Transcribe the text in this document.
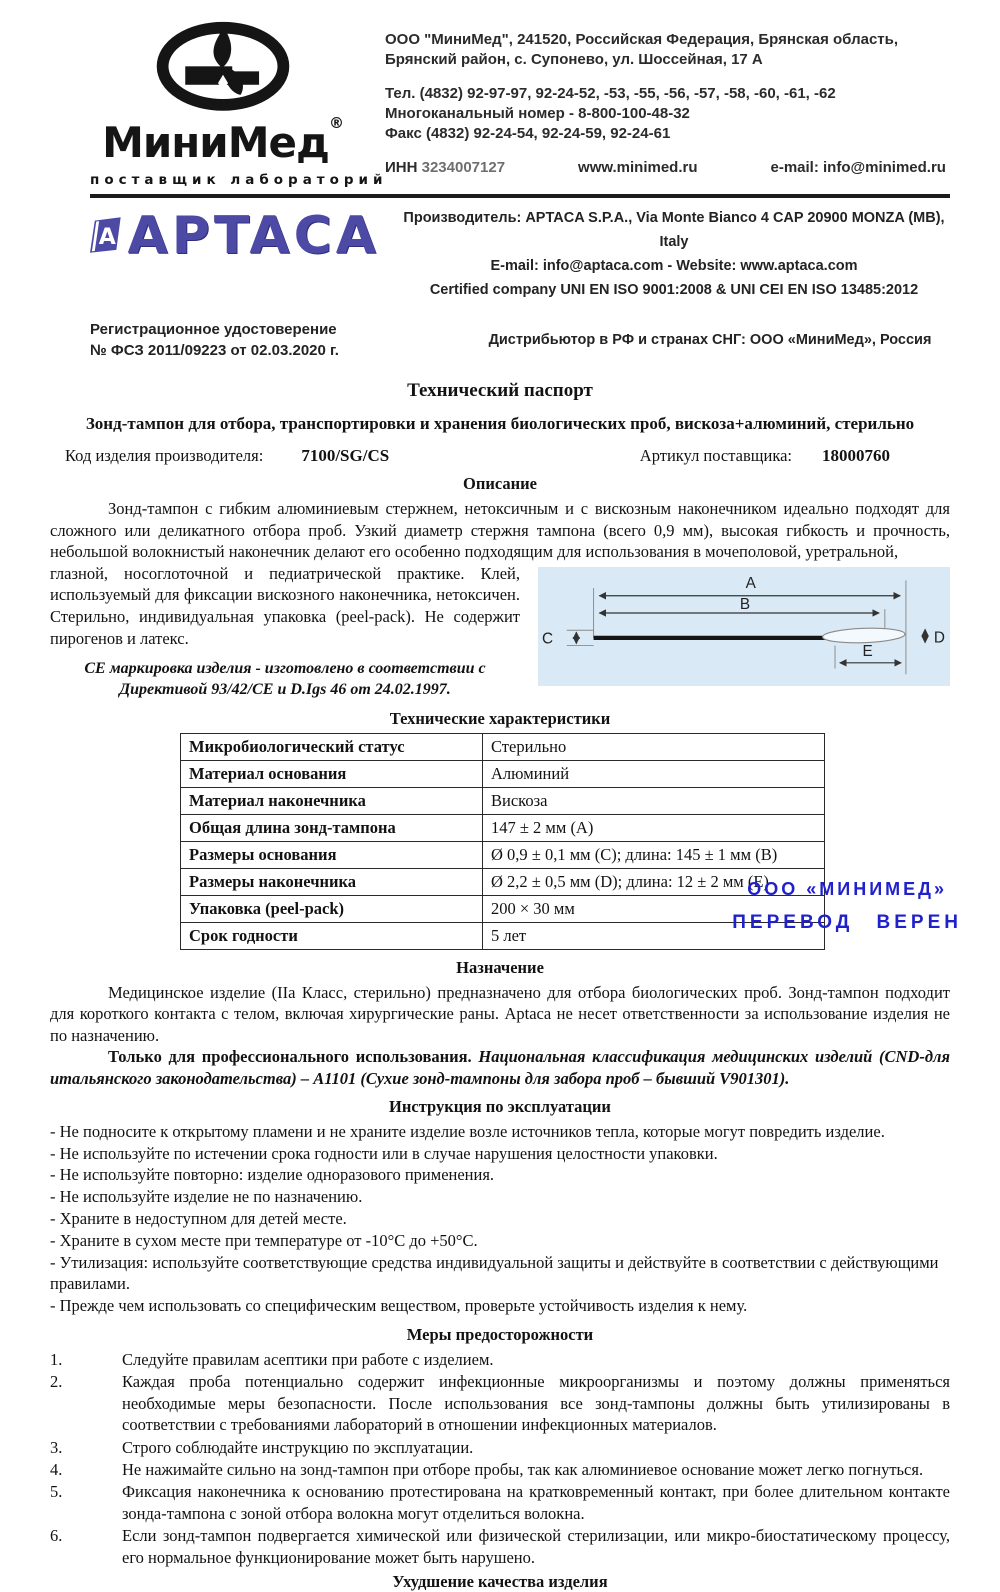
МиниМед®
поставщик лабораторий
ООО "МиниМед", 241520, Российская Федерация, Брянская область,
Брянский район, с. Супонево, ул. Шоссейная, 17 А
Тел. (4832) 92-97-97, 92-24-52, -53, -55, -56, -57, -58, -60, -61, -62
Многоканальный номер - 8-800-100-48-32
Факс (4832) 92-24-54, 92-24-59, 92-24-61
ИНН 3234007127	www.minimed.ru	e-mail: info@minimed.ru
A APTACA	Производитель: APTACA S.P.A., Via Monte Bianco 4 CAP 20900 MONZA (MB), Italy
E-mail: info@aptaca.com - Website: www.aptaca.com
Certified company UNI EN ISO 9001:2008 & UNI CEI EN ISO 13485:2012
Регистрационное удостоверение
№ ФСЗ 2011/09223 от 02.03.2020 г.
Дистрибьютор в РФ и странах СНГ: ООО «МиниМед», Россия
Технический паспорт
Зонд-тампон для отбора, транспортировки и хранения биологических проб, вискоза+алюминий, стерильно
Код изделия производителя: 7100/SG/CS	Артикул поставщика: 18000760
Описание
Зонд-тампон с гибким алюминиевым стержнем, нетоксичным и с вискозным наконечником идеально подходят для сложного или деликатного отбора проб. Узкий диаметр стержня тампона (всего 0,9 мм), высокая гибкость и прочность, небольшой волокнистый наконечник делают его особенно подходящим для использования в мочеполовой, уретральной,
глазной, носоглоточной и педиатрической практике. Клей, используемый для фиксации вискозного наконечника, нетоксичен. Стерильно, индивидуальная упаковка (peel-pack). Не содержит пирогенов и латекс.
СЕ маркировка изделия - изготовлено в соответствии с Директивой 93/42/СЕ и D.Igs 46 от 24.02.1997.
A
B
C	D
E
Технические характеристики
Микробиологический статус	Стерильно
Материал основания	Алюминий
Материал наконечника	Вискоза
Общая длина зонд-тампона	147 ± 2 мм (А)
Размеры основания	Ø 0,9 ± 0,1 мм (С); длина: 145 ± 1 мм (В)
Размеры наконечника	Ø 2,2 ± 0,5 мм (D); длина: 12 ± 2 мм (Е)
Упаковка (peel-pack)	200 × 30 мм
Срок годности	5 лет
ООО «МИНИМЕД»
ПЕРЕВОД ВЕРЕН
Назначение
Медицинское изделие (IIа Класс, стерильно) предназначено для отбора биологических проб. Зонд-тампон подходит для короткого контакта с телом, включая хирургические раны. Aptaca не несет ответственности за использование изделия не по назначению.
Только для профессионального использования. Национальная классификация медицинских изделий (CND-для итальянского законодательства) – А1101 (Сухие зонд-тампоны для забора проб – бывший V901301).
Инструкция по эксплуатации
- Не подносите к открытому пламени и не храните изделие возле источников тепла, которые могут повредить изделие.
- Не используйте по истечении срока годности или в случае нарушения целостности упаковки.
- Не используйте повторно: изделие одноразового применения.
- Не используйте изделие не по назначению.
- Храните в недоступном для детей месте.
- Храните в сухом месте при температуре от -10°С до +50°С.
- Утилизация: используйте соответствующие средства индивидуальной защиты и действуйте в соответствии с действующими правилами.
- Прежде чем использовать со специфическим веществом, проверьте устойчивость изделия к нему.
Меры предосторожности
Следуйте правилам асептики при работе с изделием.
Каждая проба потенциально содержит инфекционные микроорганизмы и поэтому должны применяться необходимые меры безопасности. После использования все зонд-тампоны должны быть утилизированы в соответствии с требованиями лабораторий в отношении инфекционных материалов.
Строго соблюдайте инструкцию по эксплуатации.
Не нажимайте сильно на зонд-тампон при отборе пробы, так как алюминиевое основание может легко погнуться.
Фиксация наконечника к основанию протестирована на кратковременный контакт, при более длительном контакте зонда-тампона с зоной отбора волокна могут отделиться волокна.
Если зонд-тампон подвергается химической или физической стерилизации, или микро-биостатическому процессу, его нормальное функционирование может быть нарушено.
Ухудшение качества изделия
